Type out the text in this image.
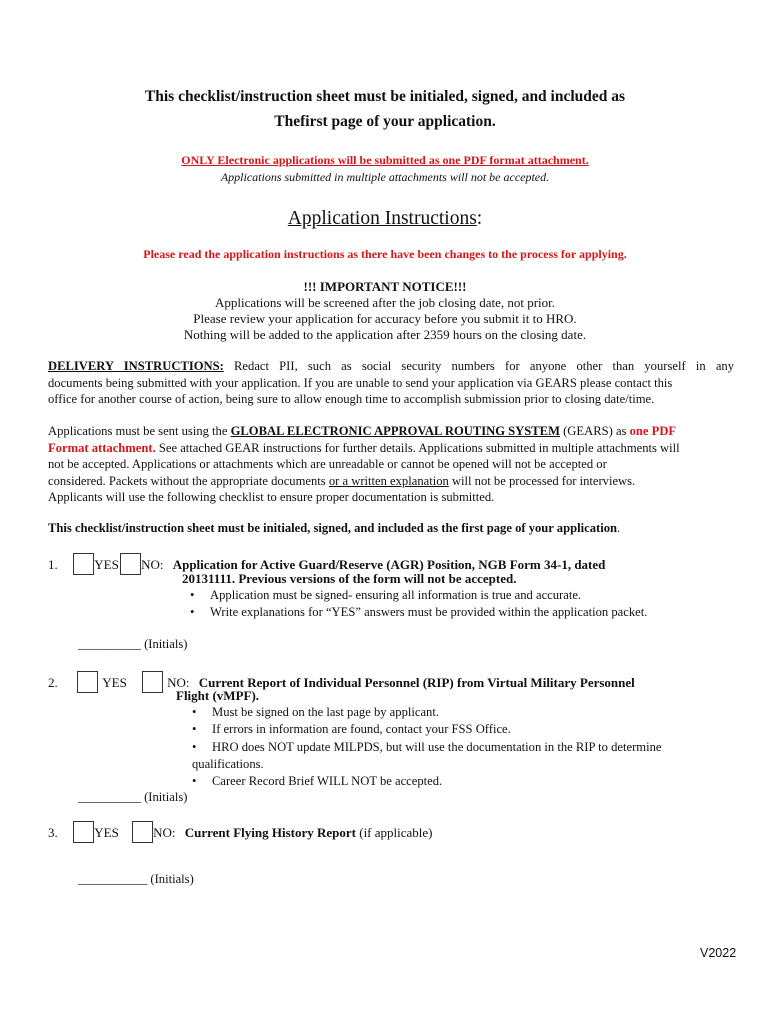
This checklist/instruction sheet must be initialed, signed, and included as
Thefirst page of your application.
ONLY Electronic applications will be submitted as one PDF format attachment.
Applications submitted in multiple attachments will not be accepted.
Application Instructions:
Please read the application instructions as there have been changes to the process for applying.
!!! IMPORTANT NOTICE!!!
Applications will be screened after the job closing date, not prior.
Please review your application for accuracy before you submit it to HRO.
Nothing will be added to the application after 2359 hours on the closing date.
DELIVERY INSTRUCTIONS: Redact PII, such as social security numbers for anyone other than yourself in any
documents being submitted with your application. If you are unable to send your application via GEARS please contact this
office for another course of action, being sure to allow enough time to accomplish submission prior to closing date/time.
Applications must be sent using the GLOBAL ELECTRONIC APPROVAL ROUTING SYSTEM (GEARS) as one PDF
Format attachment. See attached GEAR instructions for further details. Applications submitted in multiple attachments will
not be accepted. Applications or attachments which are unreadable or cannot be opened will not be accepted or
considered. Packets without the appropriate documents or a written explanation will not be processed for interviews.
Applicants will use the following checklist to ensure proper documentation is submitted.
This checklist/instruction sheet must be initialed, signed, and included as the first page of your application.
1.	YES NO: Application for Active Guard/Reserve (AGR) Position, NGB Form 34-1, dated
20131111. Previous versions of the form will not be accepted.
• Application must be signed- ensuring all information is true and accurate.
• Write explanations for “YES” answers must be provided within the application packet.
__________ (Initials)
2.	YES	NO: Current Report of Individual Personnel (RIP) from Virtual Military Personnel
Flight (vMPF).
• Must be signed on the last page by applicant.
• If errors in information are found, contact your FSS Office.
• HRO does NOT update MILPDS, but will use the documentation in the RIP to determine
qualifications.
• Career Record Brief WILL NOT be accepted.
__________ (Initials)
3.	YES	NO: Current Flying History Report (if applicable)
___________ (Initials)
V2022
